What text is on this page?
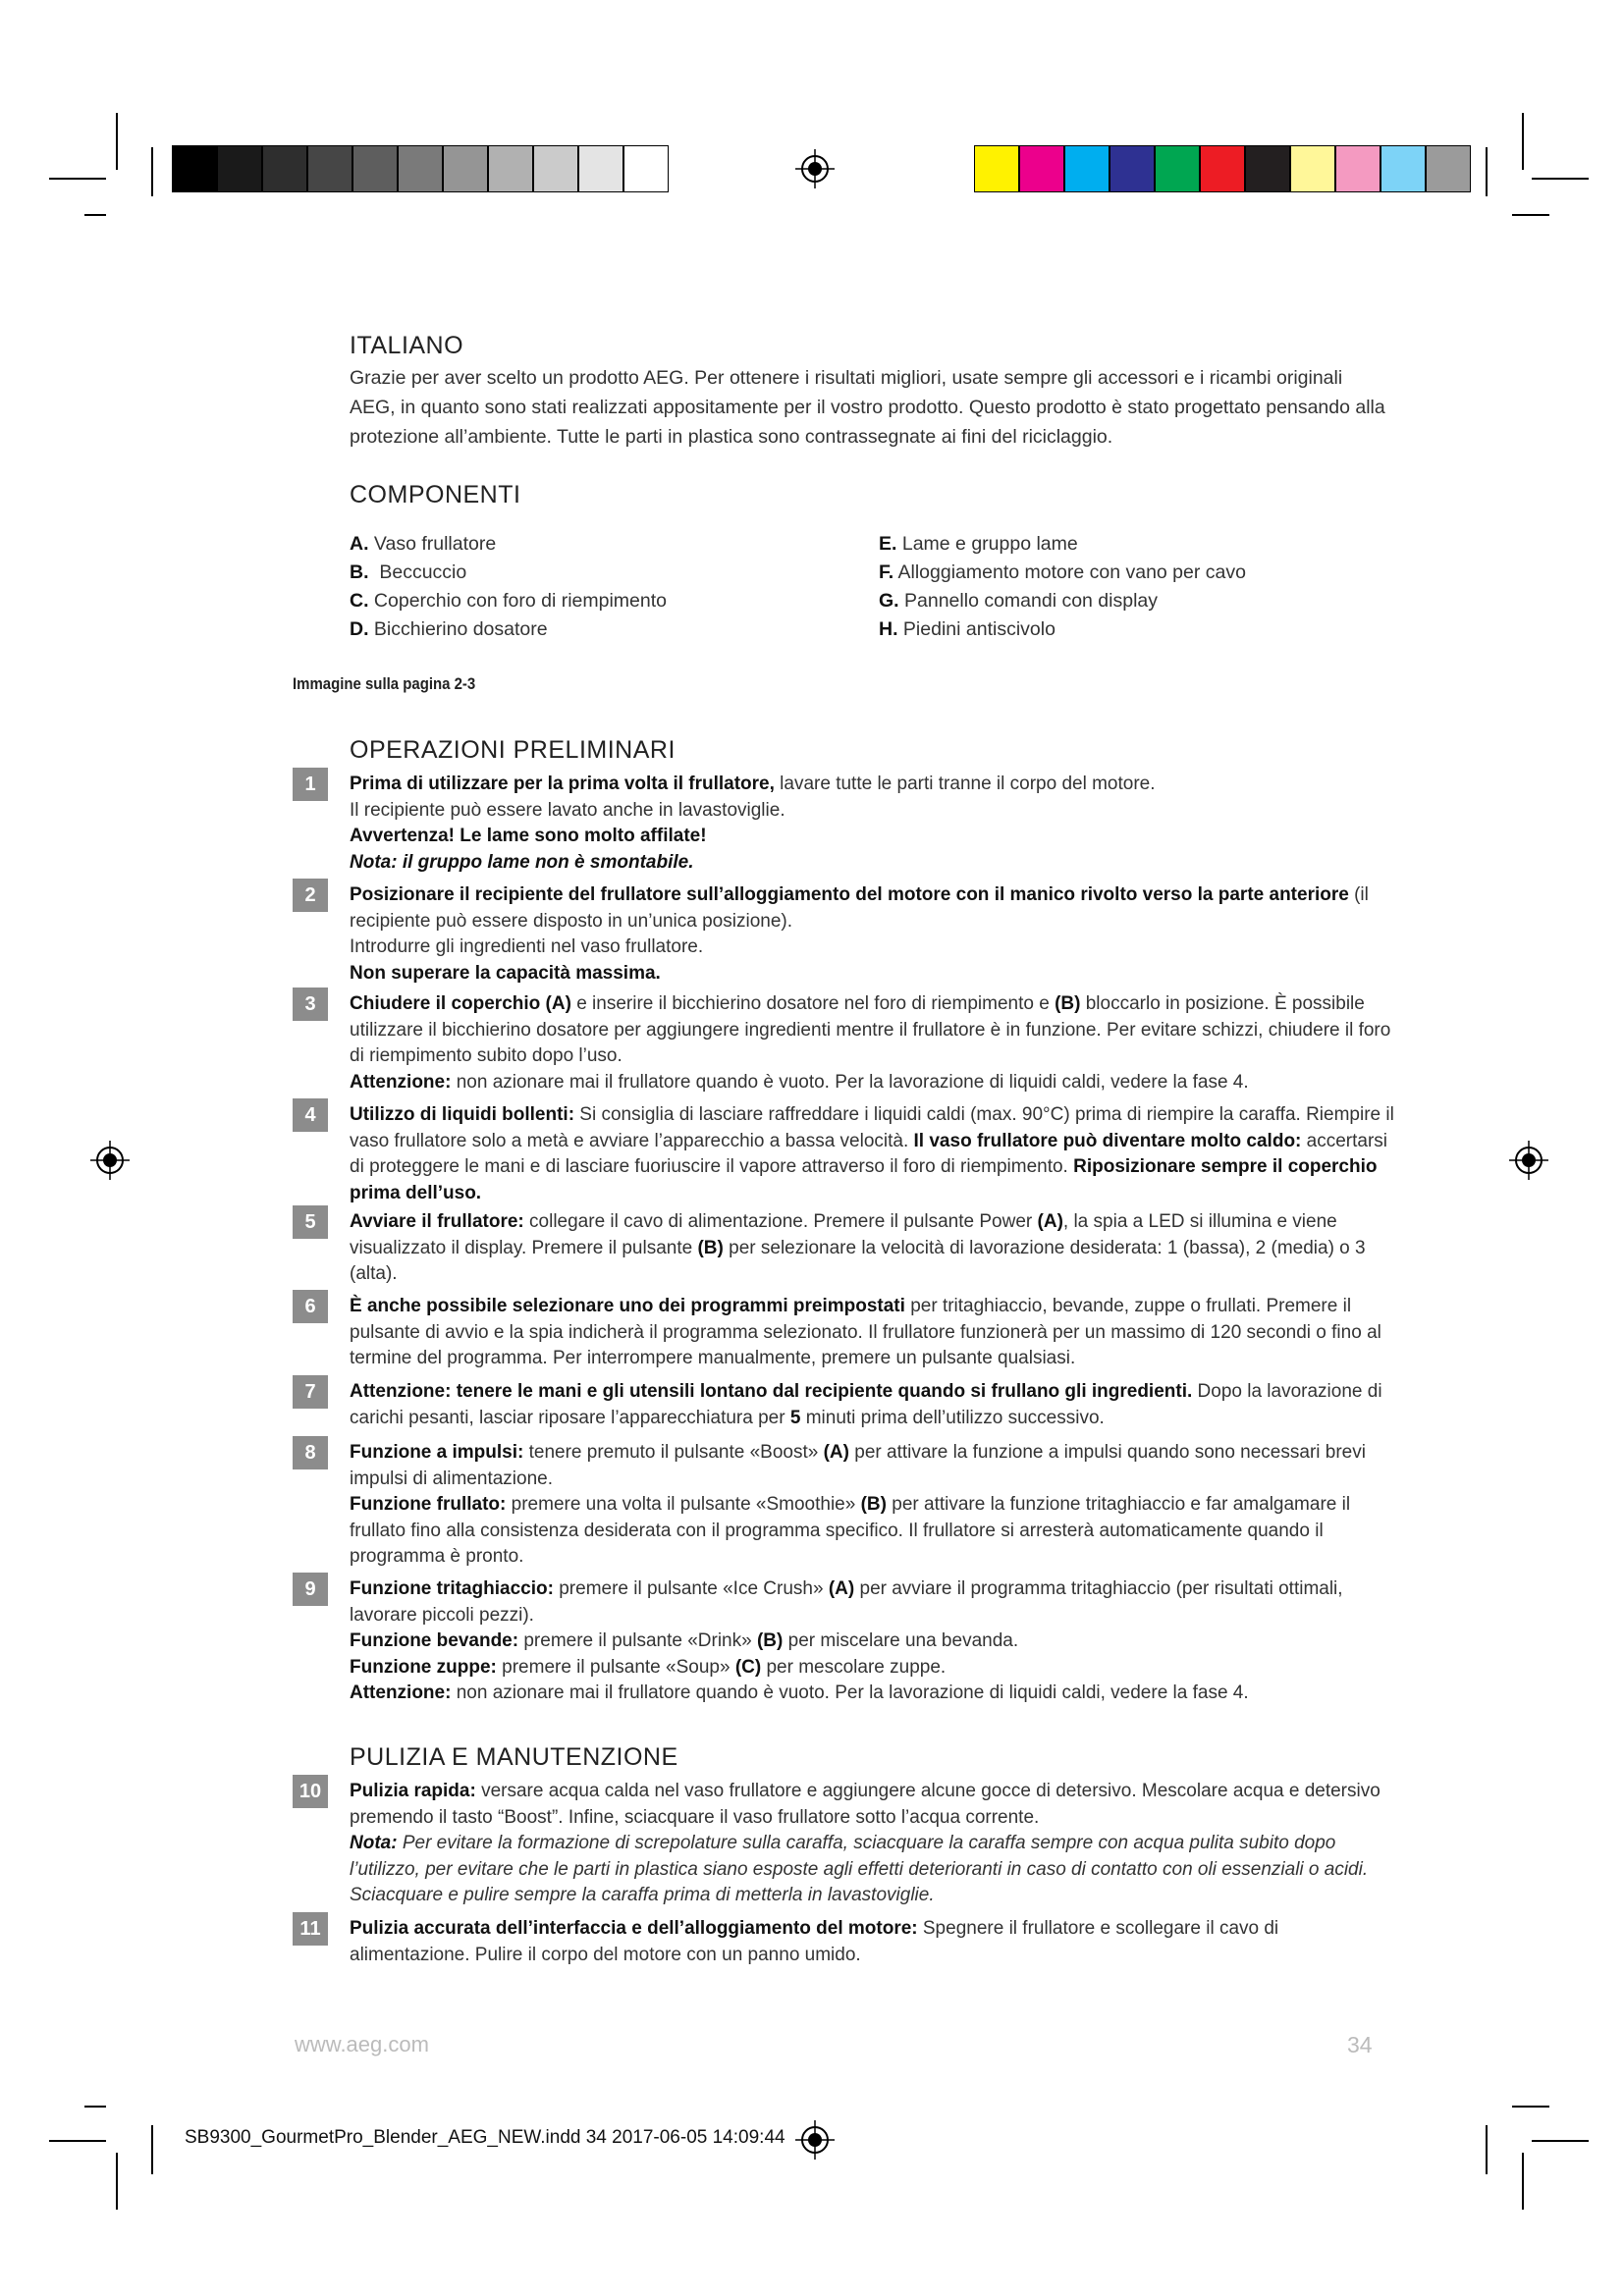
ITALIANO
Grazie per aver scelto un prodotto AEG. Per ottenere i risultati migliori, usate sempre gli accessori e i ricambi originali AEG, in quanto sono stati realizzati appositamente per il vostro prodotto. Questo prodotto è stato progettato pensando alla protezione all’ambiente. Tutte le parti in plastica sono contrassegnate ai fini del riciclaggio.
COMPONENTI
A. Vaso frullatore
B. Beccuccio
C. Coperchio con foro di riempimento
D. Bicchierino dosatore
E. Lame e gruppo lame
F. Alloggiamento motore con vano per cavo
G. Pannello comandi con display
H. Piedini antiscivolo
Immagine sulla pagina 2-3
OPERAZIONI PRELIMINARI
1	Prima di utilizzare per la prima volta il frullatore, lavare tutte le parti tranne il corpo del motore.

Il recipiente può essere lavato anche in lavastoviglie.

Avvertenza! Le lame sono molto affilate!

Nota: il gruppo lame non è smontabile.

2	Posizionare il recipiente del frullatore sull’alloggiamento del motore con il manico rivolto verso la parte anteriore (il recipiente può essere disposto in un’unica posizione).

Introdurre gli ingredienti nel vaso frullatore.

Non superare la capacità massima.

3	Chiudere il coperchio (A) e inserire il bicchierino dosatore nel foro di riempimento e (B) bloccarlo in posizione. È possibile utilizzare il bicchierino dosatore per aggiungere ingredienti mentre il frullatore è in funzione. Per evitare schizzi, chiudere il foro di riempimento subito dopo l’uso.

Attenzione: non azionare mai il frullatore quando è vuoto. Per la lavorazione di liquidi caldi, vedere la fase 4.

4	Utilizzo di liquidi bollenti: Si consiglia di lasciare raffreddare i liquidi caldi (max. 90°C) prima di riempire la caraffa. Riempire il vaso frullatore solo a metà e avviare l’apparecchio a bassa velocità. Il vaso frullatore può diventare molto caldo: accertarsi di proteggere le mani e di lasciare fuoriuscire il vapore attraverso il foro di riempimento. Riposizionare sempre il coperchio prima dell’uso.

5	Avviare il frullatore: collegare il cavo di alimentazione. Premere il pulsante Power (A), la spia a LED si illumina e viene visualizzato il display. Premere il pulsante (B) per selezionare la velocità di lavorazione desiderata: 1 (bassa), 2 (media) o 3 (alta).

6	È anche possibile selezionare uno dei programmi preimpostati per tritaghiaccio, bevande, zuppe o frullati. Premere il pulsante di avvio e la spia indicherà il programma selezionato. Il frullatore funzionerà per un massimo di 120 secondi o fino al termine del programma. Per interrompere manualmente, premere un pulsante qualsiasi.

7	Attenzione: tenere le mani e gli utensili lontano dal recipiente quando si frullano gli ingredienti. Dopo la lavorazione di carichi pesanti, lasciar riposare l’apparecchiatura per 5 minuti prima dell’utilizzo successivo.

8	Funzione a impulsi: tenere premuto il pulsante «Boost» (A) per attivare la funzione a impulsi quando sono necessari brevi impulsi di alimentazione.

Funzione frullato: premere una volta il pulsante «Smoothie» (B) per attivare la funzione tritaghiaccio e far amalgamare il frullato fino alla consistenza desiderata con il programma specifico. Il frullatore si arresterà automaticamente quando il programma è pronto.

9	Funzione tritaghiaccio: premere il pulsante «Ice Crush» (A) per avviare il programma tritaghiaccio (per risultati ottimali, lavorare piccoli pezzi).

Funzione bevande: premere il pulsante «Drink» (B) per miscelare una bevanda.

Funzione zuppe: premere il pulsante «Soup» (C) per mescolare zuppe.

Attenzione: non azionare mai il frullatore quando è vuoto. Per la lavorazione di liquidi caldi, vedere la fase 4.

PULIZIA E MANUTENZIONE
10	Pulizia rapida: versare acqua calda nel vaso frullatore e aggiungere alcune gocce di detersivo. Mescolare acqua e detersivo premendo il tasto “Boost”. Infine, sciacquare il vaso frullatore sotto l’acqua corrente.

Nota: Per evitare la formazione di screpolature sulla caraffa, sciacquare la caraffa sempre con acqua pulita subito dopo l’utilizzo, per evitare che le parti in plastica siano esposte agli effetti deterioranti in caso di contatto con oli essenziali o acidi. Sciacquare e pulire sempre la caraffa prima di metterla in lavastoviglie.

11	Pulizia accurata dell’interfaccia e dell’alloggiamento del motore: Spegnere il frullatore e scollegare il cavo di alimentazione. Pulire il corpo del motore con un panno umido.

www.aeg.com	34
SB9300_GourmetPro_Blender_AEG_NEW.indd 34 2017-06-05 14:09:44
